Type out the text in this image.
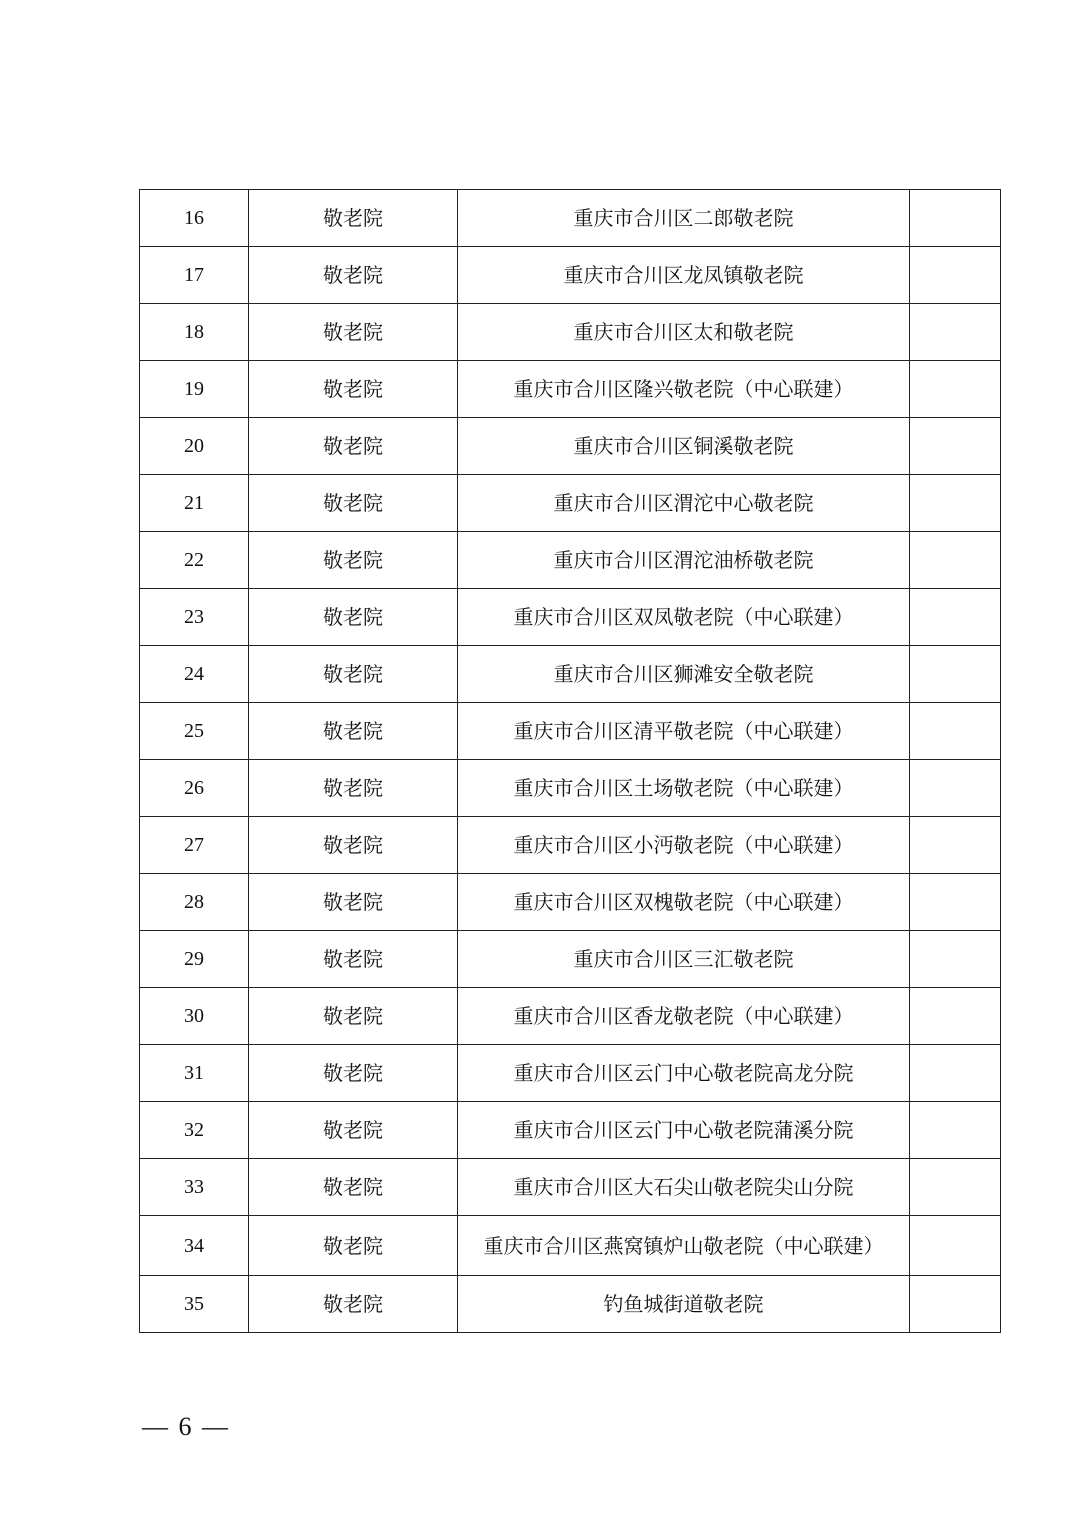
16	敬老院	重庆市合川区二郎敬老院	
17	敬老院	重庆市合川区龙凤镇敬老院	
18	敬老院	重庆市合川区太和敬老院	
19	敬老院	重庆市合川区隆兴敬老院（中心联建）	
20	敬老院	重庆市合川区铜溪敬老院	
21	敬老院	重庆市合川区渭沱中心敬老院	
22	敬老院	重庆市合川区渭沱油桥敬老院	
23	敬老院	重庆市合川区双凤敬老院（中心联建）	
24	敬老院	重庆市合川区狮滩安全敬老院	
25	敬老院	重庆市合川区清平敬老院（中心联建）	
26	敬老院	重庆市合川区土场敬老院（中心联建）	
27	敬老院	重庆市合川区小沔敬老院（中心联建）	
28	敬老院	重庆市合川区双槐敬老院（中心联建）	
29	敬老院	重庆市合川区三汇敬老院	
30	敬老院	重庆市合川区香龙敬老院（中心联建）	
31	敬老院	重庆市合川区云门中心敬老院高龙分院	
32	敬老院	重庆市合川区云门中心敬老院蒲溪分院	
33	敬老院	重庆市合川区大石尖山敬老院尖山分院	
34	敬老院	重庆市合川区燕窝镇炉山敬老院（中心联建）	
35	敬老院	钓鱼城街道敬老院	
— 6 —
